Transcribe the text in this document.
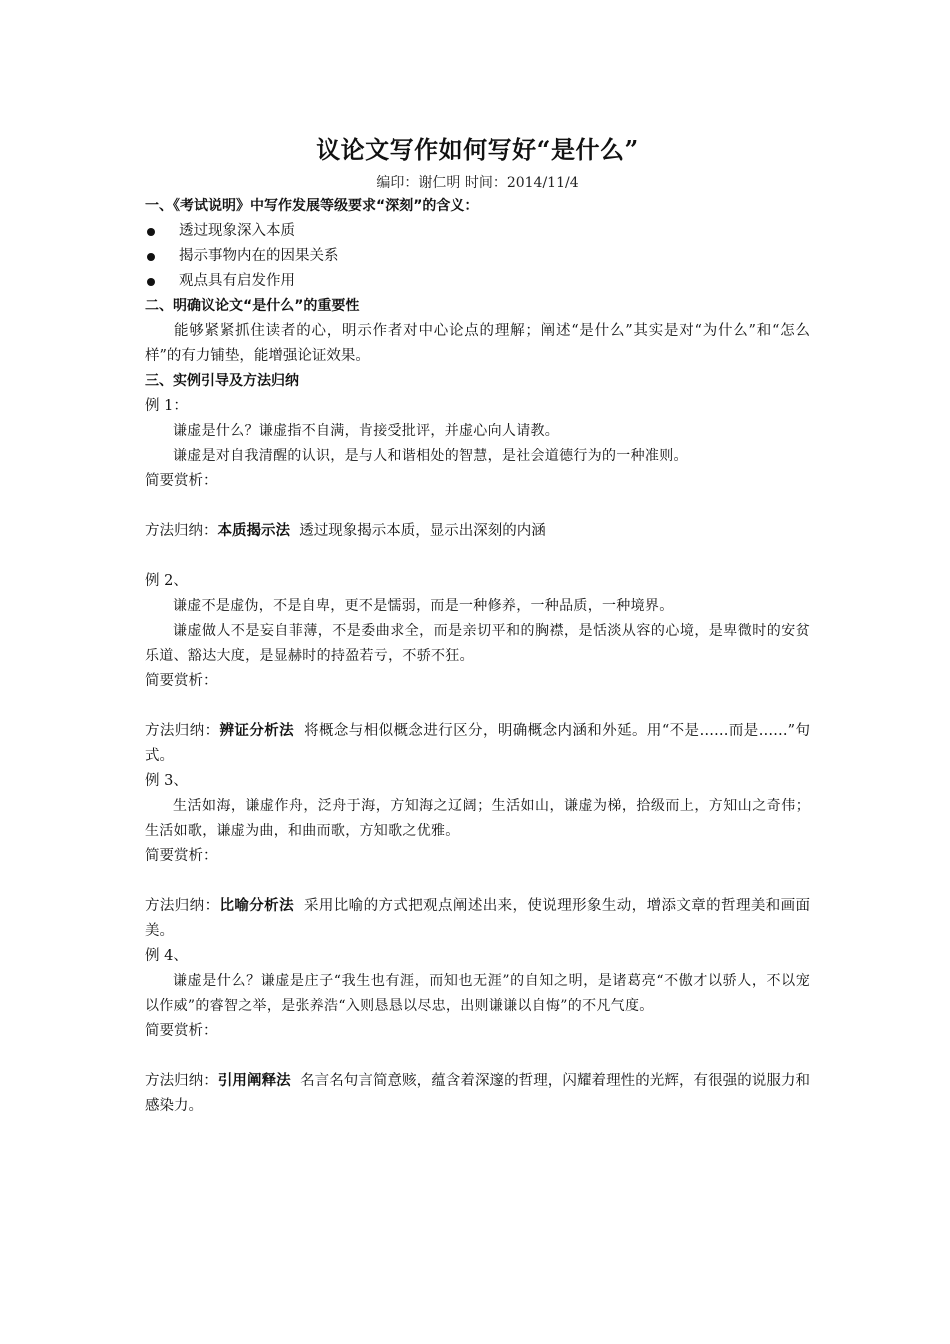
议论文写作如何写好“是什么”
编印：谢仁明 时间：2014/11/4
一、《考试说明》中写作发展等级要求“深刻”的含义：
透过现象深入本质
揭示事物内在的因果关系
观点具有启发作用
二、明确议论文“是什么”的重要性
能够紧紧抓住读者的心，明示作者对中心论点的理解；阐述“是什么”其实是对“为什么”和“怎么样”的有力铺垫，能增强论证效果。
三、实例引导及方法归纳
例 1：
谦虚是什么？谦虚指不自满，肯接受批评，并虚心向人请教。
谦虚是对自我清醒的认识，是与人和谐相处的智慧，是社会道德行为的一种准则。
简要赏析：
方法归纳：本质揭示法 透过现象揭示本质，显示出深刻的内涵
例 2、
谦虚不是虚伪，不是自卑，更不是懦弱，而是一种修养，一种品质，一种境界。
谦虚做人不是妄自菲薄，不是委曲求全，而是亲切平和的胸襟，是恬淡从容的心境，是卑微时的安贫乐道、豁达大度，是显赫时的持盈若亏，不骄不狂。
简要赏析：
方法归纳：辨证分析法 将概念与相似概念进行区分，明确概念内涵和外延。用“不是……而是……”句式。
例 3、
生活如海，谦虚作舟，泛舟于海，方知海之辽阔；生活如山，谦虚为梯，拾级而上，方知山之奇伟；生活如歌，谦虚为曲，和曲而歌，方知歌之优雅。
简要赏析：
方法归纳：比喻分析法 采用比喻的方式把观点阐述出来，使说理形象生动，增添文章的哲理美和画面美。
例 4、
谦虚是什么？谦虚是庄子“我生也有涯，而知也无涯”的自知之明，是诸葛亮“不傲才以骄人，不以宠以作威”的睿智之举，是张养浩“入则恳恳以尽忠，出则谦谦以自悔”的不凡气度。
简要赏析：
方法归纳：引用阐释法 名言名句言简意赅，蕴含着深邃的哲理，闪耀着理性的光辉，有很强的说服力和感染力。
